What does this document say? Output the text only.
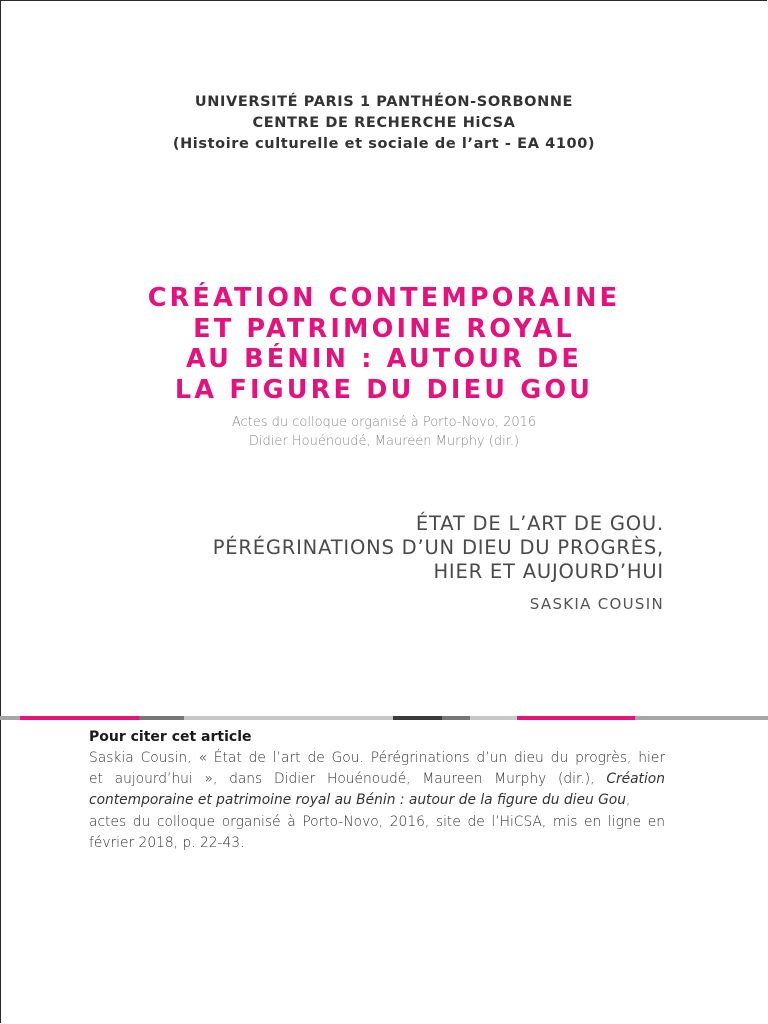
UNIVERSITÉ PARIS 1 PANTHÉON-SORBONNE
CENTRE DE RECHERCHE HiCSA
(Histoire culturelle et sociale de l’art - EA 4100)
CRÉATION CONTEMPORAINE
ET PATRIMOINE ROYAL
AU BÉNIN : AUTOUR DE
LA FIGURE DU DIEU GOU
Actes du colloque organisé à Porto-Novo, 2016
Didier Houénoudé, Maureen Murphy (dir.)
ÉTAT DE L’ART DE GOU.
PÉRÉGRINATIONS D’UN DIEU DU PROGRÈS,
HIER ET AUJOURD’HUI
SASKIA COUSIN
Pour citer cet article
Saskia Cousin, « État de l’art de Gou. Pérégrinations d’un dieu du progrès, hier
et aujourd’hui », dans Didier Houénoudé, Maureen Murphy (dir.), Création
contemporaine et patrimoine royal au Bénin : autour de la figure du dieu Gou,
actes du colloque organisé à Porto-Novo, 2016, site de l’HiCSA, mis en ligne en
février 2018, p. 22-43.
